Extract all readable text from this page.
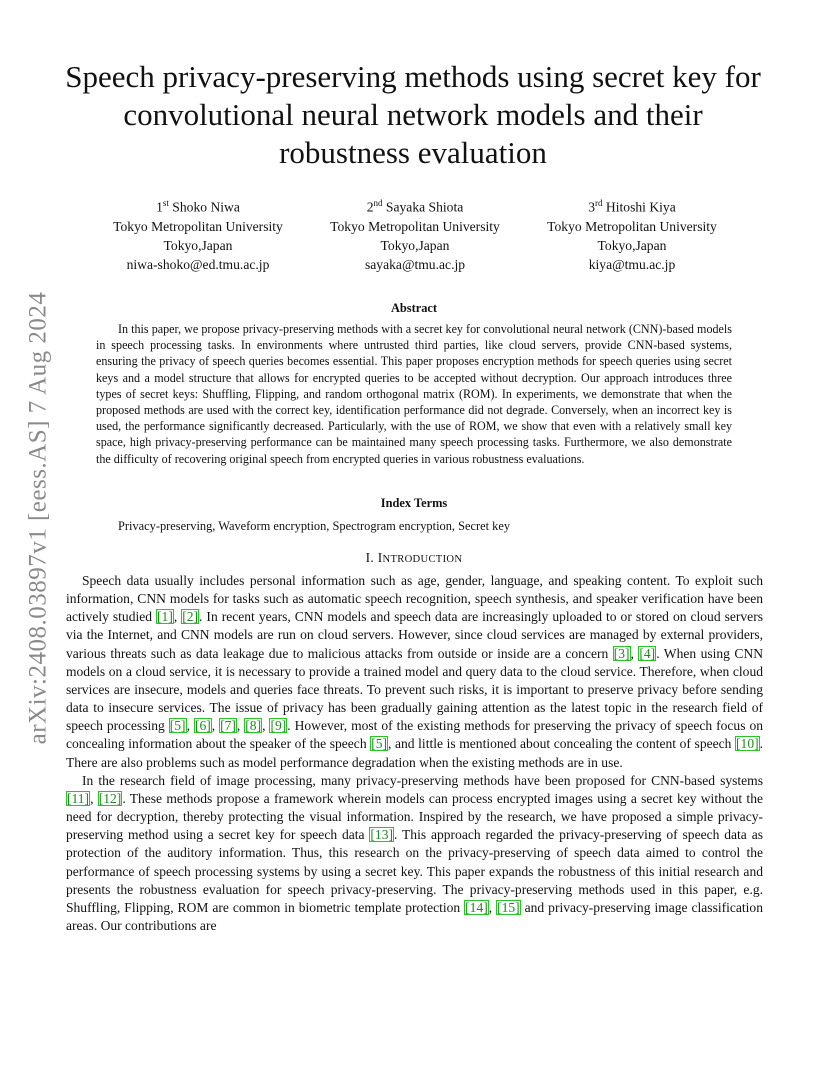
arXiv:2408.03897v1 [eess.AS] 7 Aug 2024
Speech privacy-preserving methods using secret key for convolutional neural network models and their robustness evaluation
1st Shoko Niwa
Tokyo Metropolitan University
Tokyo,Japan
niwa-shoko@ed.tmu.ac.jp
2nd Sayaka Shiota
Tokyo Metropolitan University
Tokyo,Japan
sayaka@tmu.ac.jp
3rd Hitoshi Kiya
Tokyo Metropolitan University
Tokyo,Japan
kiya@tmu.ac.jp
Abstract

In this paper, we propose privacy-preserving methods with a secret key for convolutional neural network (CNN)-based models in speech processing tasks. In environments where untrusted third parties, like cloud servers, provide CNN-based systems, ensuring the privacy of speech queries becomes essential. This paper proposes encryption methods for speech queries using secret keys and a model structure that allows for encrypted queries to be accepted without decryption. Our approach introduces three types of secret keys: Shuffling, Flipping, and random orthogonal matrix (ROM). In experiments, we demonstrate that when the proposed methods are used with the correct key, identification performance did not degrade. Conversely, when an incorrect key is used, the performance significantly decreased. Particularly, with the use of ROM, we show that even with a relatively small key space, high privacy-preserving performance can be maintained many speech processing tasks. Furthermore, we also demonstrate the difficulty of recovering original speech from encrypted queries in various robustness evaluations.

Index Terms
Privacy-preserving, Waveform encryption, Spectrogram encryption, Secret key
I. INTRODUCTION

Speech data usually includes personal information such as age, gender, language, and speaking content. To exploit such information, CNN models for tasks such as automatic speech recognition, speech synthesis, and speaker verification have been actively studied [1], [2]. In recent years, CNN models and speech data are increasingly uploaded to or stored on cloud servers via the Internet, and CNN models are run on cloud servers. However, since cloud services are managed by external providers, various threats such as data leakage due to malicious attacks from outside or inside are a concern [3], [4]. When using CNN models on a cloud service, it is necessary to provide a trained model and query data to the cloud service. Therefore, when cloud services are insecure, models and queries face threats. To prevent such risks, it is important to preserve privacy before sending data to insecure services. The issue of privacy has been gradually gaining attention as the latest topic in the research field of speech processing [5], [6], [7], [8], [9]. However, most of the existing methods for preserving the privacy of speech focus on concealing information about the speaker of the speech [5], and little is mentioned about concealing the content of speech [10]. There are also problems such as model performance degradation when the existing methods are in use.

In the research field of image processing, many privacy-preserving methods have been proposed for CNN-based systems [11], [12]. These methods propose a framework wherein models can process encrypted images using a secret key without the need for decryption, thereby protecting the visual information. Inspired by the research, we have proposed a simple privacy-preserving method using a secret key for speech data [13]. This approach regarded the privacy-preserving of speech data as protection of the auditory information. Thus, this research on the privacy-preserving of speech data aimed to control the performance of speech processing systems by using a secret key. This paper expands the robustness of this initial research and presents the robustness evaluation for speech privacy-preserving. The privacy-preserving methods used in this paper, e.g. Shuffling, Flipping, ROM are common in biometric template protection [14], [15] and privacy-preserving image classification areas. Our contributions are
